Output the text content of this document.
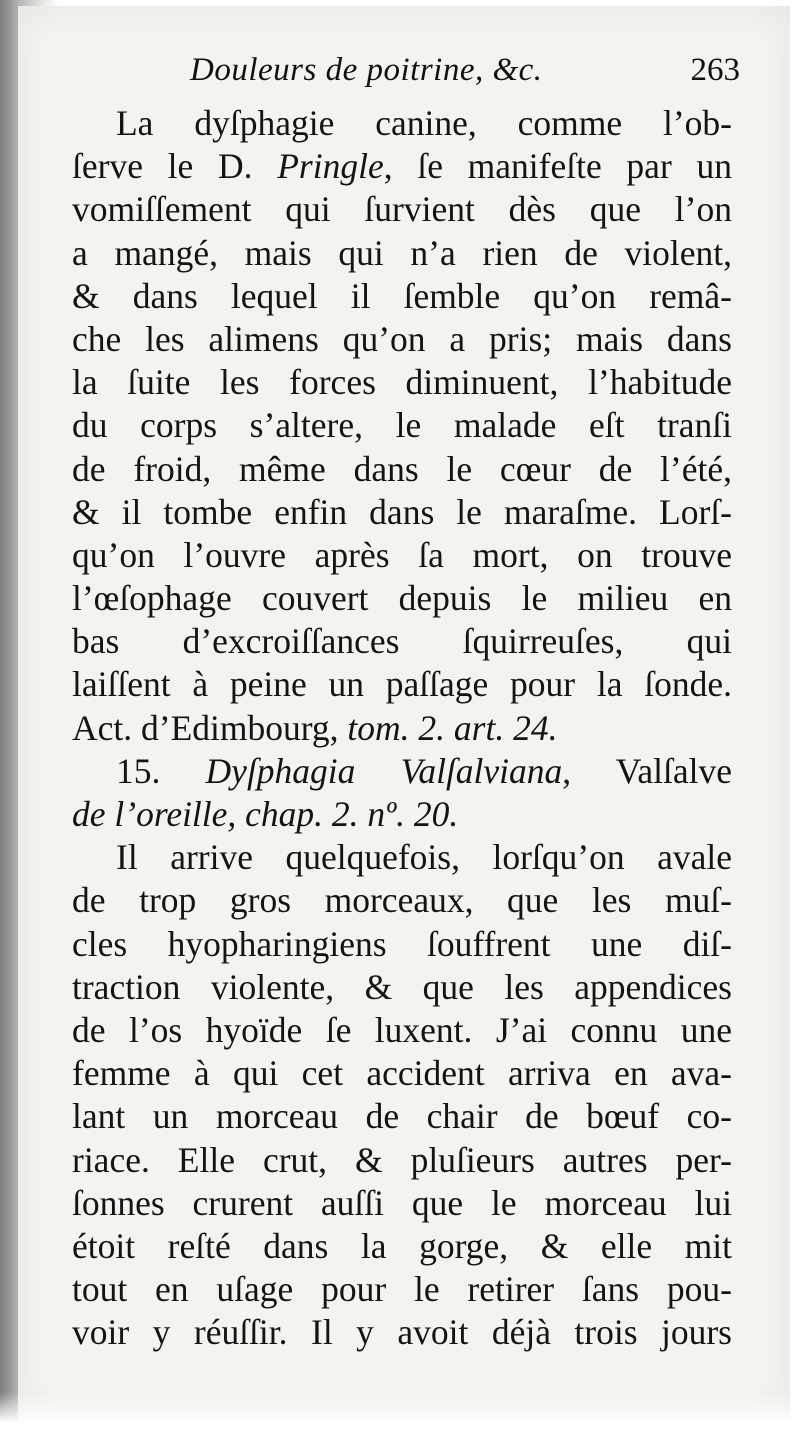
Douleurs de poitrine, &c.	263
La dyſphagie canine, comme l’ob-
ſerve le D. Pringle, ſe manifeſte par un
vomiſſement qui ſurvient dès que l’on
a mangé, mais qui n’a rien de violent,
& dans lequel il ſemble qu’on remâ-
che les alimens qu’on a pris; mais dans
la ſuite les forces diminuent, l’habitude
du corps s’altere, le malade eſt tranſi
de froid, même dans le cœur de l’été,
& il tombe enfin dans le maraſme. Lorſ-
qu’on l’ouvre après ſa mort, on trouve
l’œſophage couvert depuis le milieu en
bas d’excroiſſances ſquirreuſes, qui
laiſſent à peine un paſſage pour la ſonde.
Act. d’Edimbourg, tom. 2. art. 24.
15. Dyſphagia Valſalviana, Valſalve
de l’oreille, chap. 2. nº. 20.
Il arrive quelquefois, lorſqu’on avale
de trop gros morceaux, que les muſ-
cles hyopharingiens ſouffrent une diſ-
traction violente, & que les appendices
de l’os hyoïde ſe luxent. J’ai connu une
femme à qui cet accident arriva en ava-
lant un morceau de chair de bœuf co-
riace. Elle crut, & pluſieurs autres per-
ſonnes crurent auſſi que le morceau lui
étoit reſté dans la gorge, & elle mit
tout en uſage pour le retirer ſans pou-
voir y réuſſir. Il y avoit déjà trois jours
